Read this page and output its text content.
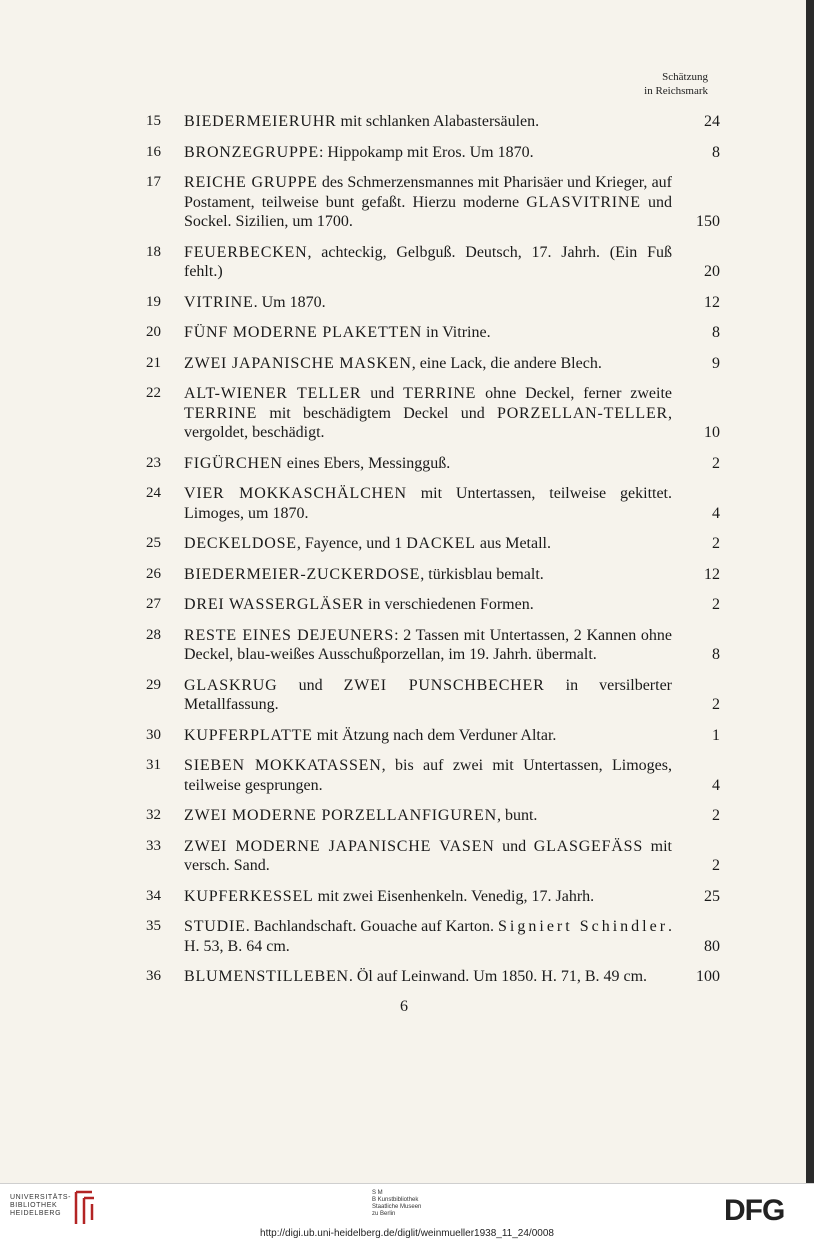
Schätzung
in Reichsmark
15	BIEDERMEIERUHR mit schlanken Alabastersäulen.	24
16	BRONZEGRUPPE: Hippokamp mit Eros. Um 1870.	8
17	REICHE GRUPPE des Schmerzensmannes mit Pharisäer und Krieger, auf Postament, teilweise bunt gefaßt. Hierzu moderne GLASVITRINE und Sockel. Sizilien, um 1700.	150
18	FEUERBECKEN, achteckig, Gelbguß. Deutsch, 17. Jahrh. (Ein Fuß fehlt.)	20
19	VITRINE. Um 1870.	12
20	FÜNF MODERNE PLAKETTEN in Vitrine.	8
21	ZWEI JAPANISCHE MASKEN, eine Lack, die andere Blech.	9
22	ALT-WIENER TELLER und TERRINE ohne Deckel, ferner zweite TERRINE mit beschädigtem Deckel und PORZELLAN-TELLER, vergoldet, beschädigt.	10
23	FIGÜRCHEN eines Ebers, Messingguß.	2
24	VIER MOKKASCHÄLCHEN mit Untertassen, teilweise gekittet. Limoges, um 1870.	4
25	DECKELDOSE, Fayence, und 1 DACKEL aus Metall.	2
26	BIEDERMEIER-ZUCKERDOSE, türkisblau bemalt.	12
27	DREI WASSERGLÄSER in verschiedenen Formen.	2
28	RESTE EINES DEJEUNERS: 2 Tassen mit Untertassen, 2 Kannen ohne Deckel, blau-weißes Ausschußporzellan, im 19. Jahrh. übermalt.	8
29	GLASKRUG und ZWEI PUNSCHBECHER in versilberter Metallfassung.	2
30	KUPFERPLATTE mit Ätzung nach dem Verduner Altar.	1
31	SIEBEN MOKKATASSEN, bis auf zwei mit Untertassen, Limoges, teilweise gesprungen.	4
32	ZWEI MODERNE PORZELLANFIGUREN, bunt.	2
33	ZWEI MODERNE JAPANISCHE VASEN und GLASGEFÄSS mit versch. Sand.	2
34	KUPFERKESSEL mit zwei Eisenhenkeln. Venedig, 17. Jahrh.	25
35	STUDIE. Bachlandschaft. Gouache auf Karton. Signiert Schindler. H. 53, B. 64 cm.	80
36	BLUMENSTILLEBEN. Öl auf Leinwand. Um 1850. H. 71, B. 49 cm.	100
6
UNIVERSITÄTS-
BIBLIOTHEK
HEIDELBERG
S M
B Kunstbibliothek
Staatliche Museen
zu Berlin	DFG
http://digi.ub.uni-heidelberg.de/diglit/weinmueller1938_11_24/0008
